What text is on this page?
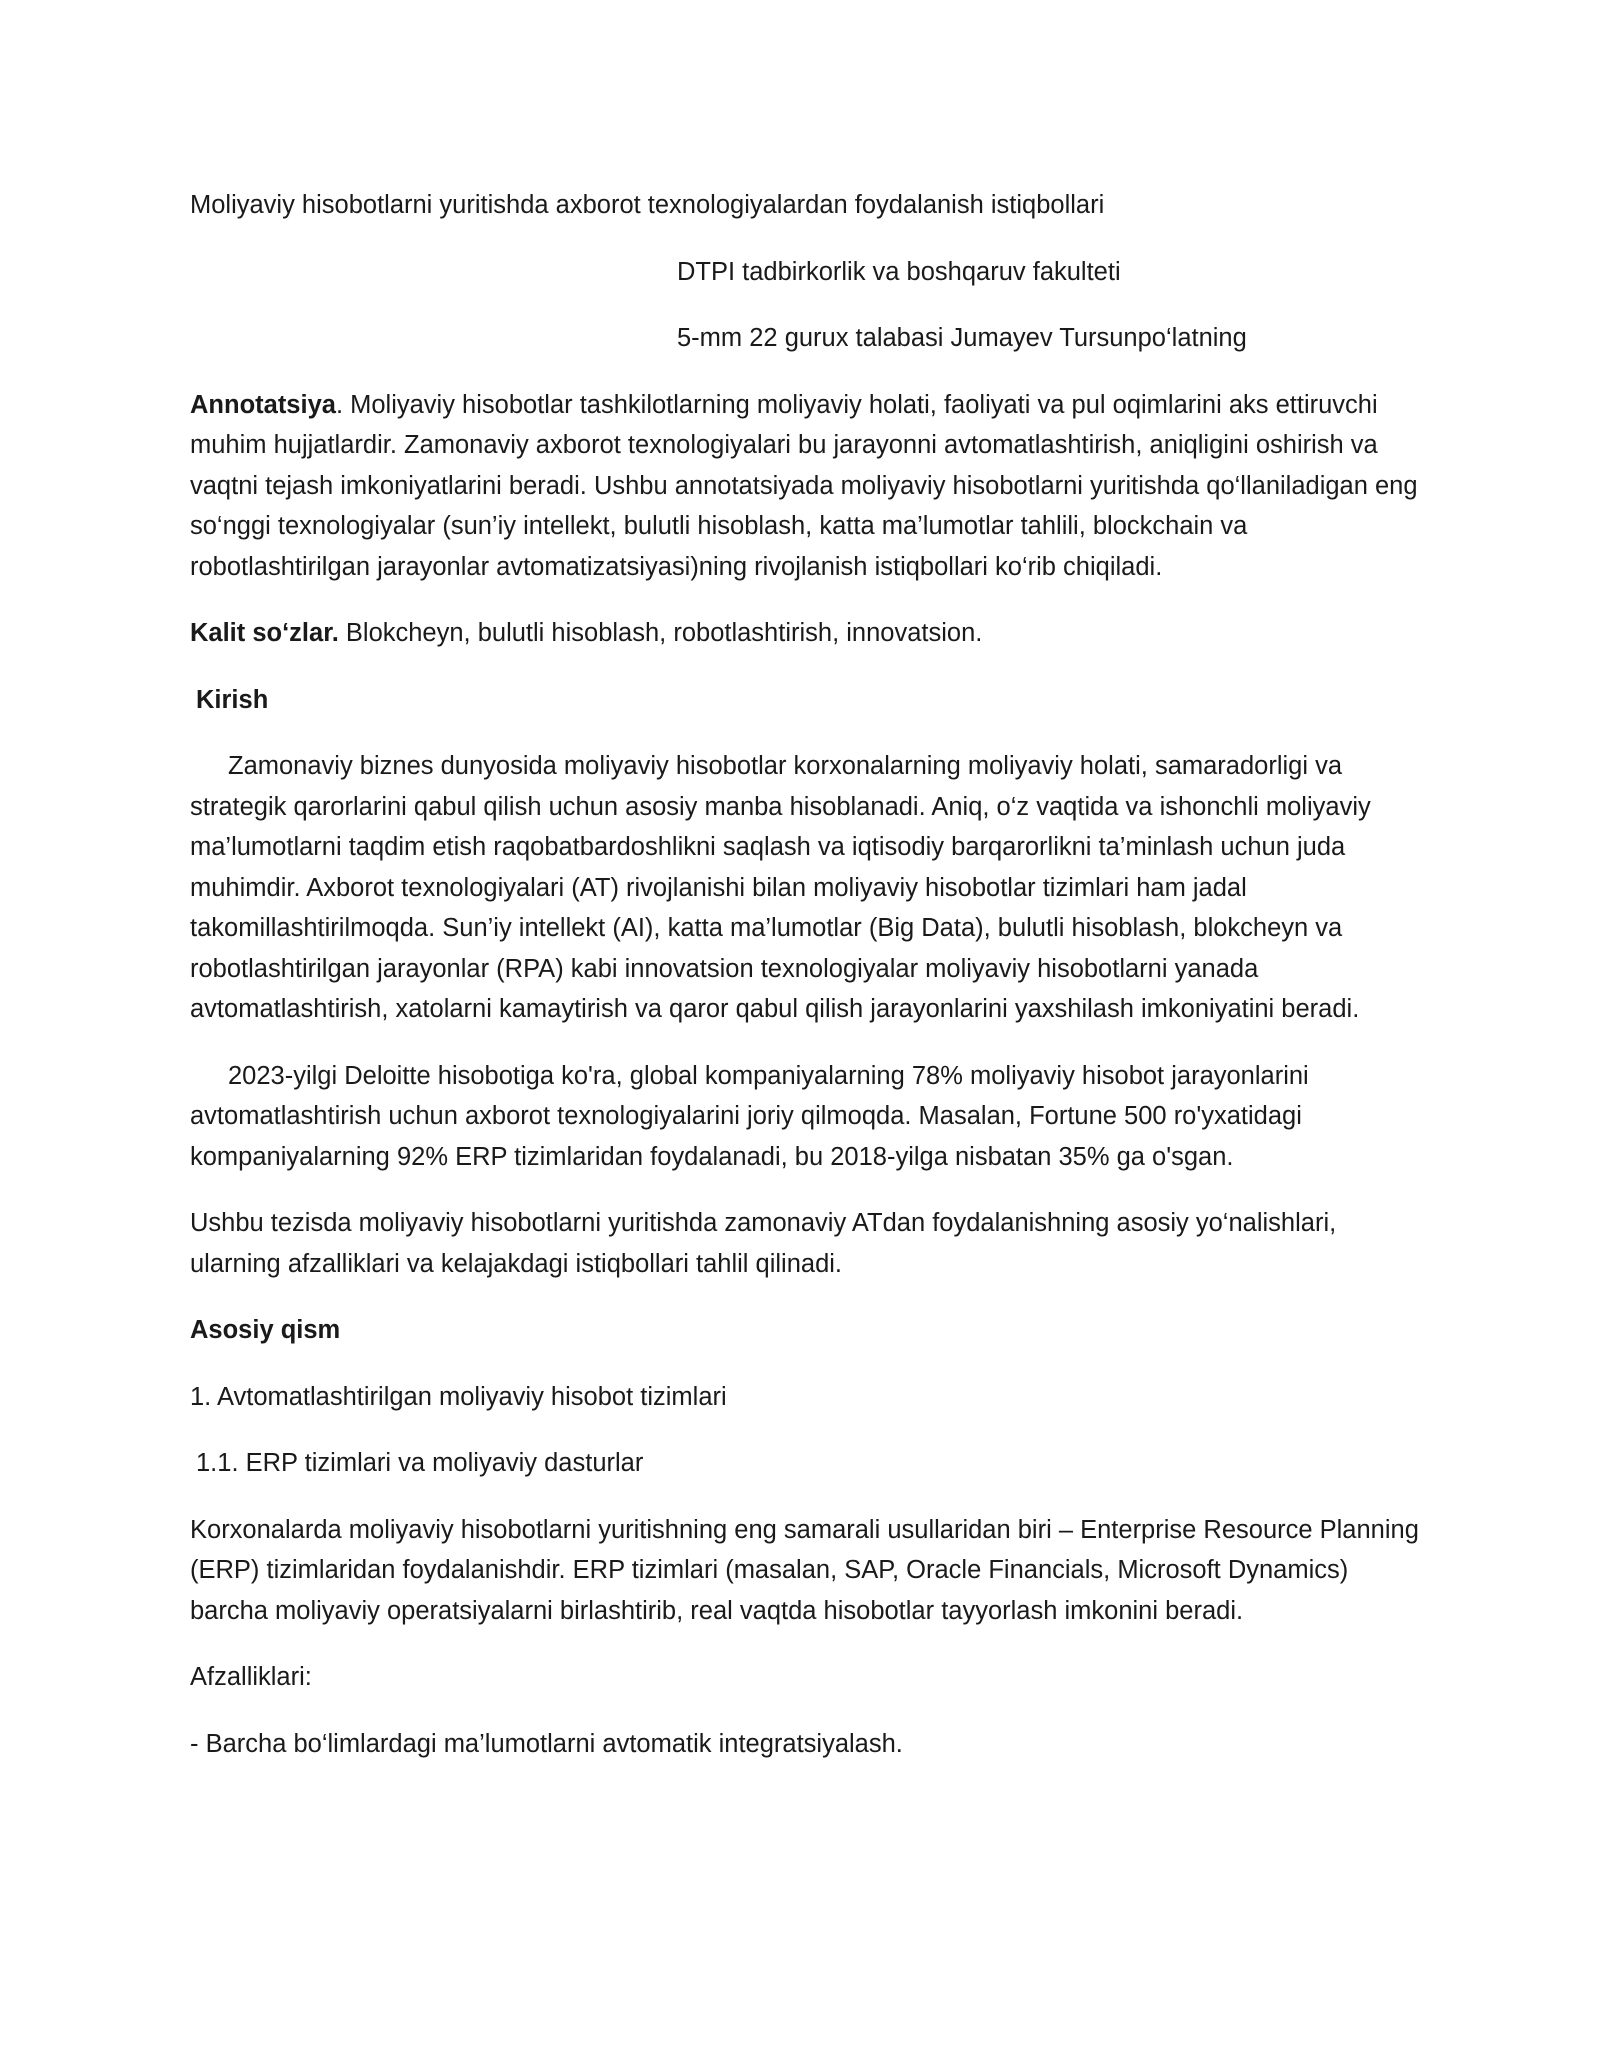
Moliyaviy hisobotlarni yuritishda axborot texnologiyalardan foydalanish istiqbollari

DTPI tadbirkorlik va boshqaruv fakulteti

5-mm 22 gurux talabasi Jumayev Tursunpo‘latning

Annotatsiya. Moliyaviy hisobotlar tashkilotlarning moliyaviy holati, faoliyati va pul oqimlarini aks ettiruvchi muhim hujjatlardir. Zamonaviy axborot texnologiyalari bu jarayonni avtomatlashtirish, aniqligini oshirish va vaqtni tejash imkoniyatlarini beradi. Ushbu annotatsiyada moliyaviy hisobotlarni yuritishda qo‘llaniladigan eng so‘nggi texnologiyalar (sun’iy intellekt, bulutli hisoblash, katta ma’lumotlar tahlili, blockchain va robotlashtirilgan jarayonlar avtomatizatsiyasi)ning rivojlanish istiqbollari ko‘rib chiqiladi.

Kalit so‘zlar. Blokcheyn, bulutli hisoblash, robotlashtirish, innovatsion.

Kirish

Zamonaviy biznes dunyosida moliyaviy hisobotlar korxonalarning moliyaviy holati, samaradorligi va strategik qarorlarini qabul qilish uchun asosiy manba hisoblanadi. Aniq, o‘z vaqtida va ishonchli moliyaviy ma’lumotlarni taqdim etish raqobatbardoshlikni saqlash va iqtisodiy barqarorlikni ta’minlash uchun juda muhimdir. Axborot texnologiyalari (AT) rivojlanishi bilan moliyaviy hisobotlar tizimlari ham jadal takomillashtirilmoqda. Sun’iy intellekt (AI), katta ma’lumotlar (Big Data), bulutli hisoblash, blokcheyn va robotlashtirilgan jarayonlar (RPA) kabi innovatsion texnologiyalar moliyaviy hisobotlarni yanada avtomatlashtirish, xatolarni kamaytirish va qaror qabul qilish jarayonlarini yaxshilash imkoniyatini beradi.

2023-yilgi Deloitte hisobotiga ko'ra, global kompaniyalarning 78% moliyaviy hisobot jarayonlarini avtomatlashtirish uchun axborot texnologiyalarini joriy qilmoqda. Masalan, Fortune 500 ro'yxatidagi kompaniyalarning 92% ERP tizimlaridan foydalanadi, bu 2018-yilga nisbatan 35% ga o'sgan.

Ushbu tezisda moliyaviy hisobotlarni yuritishda zamonaviy ATdan foydalanishning asosiy yo‘nalishlari, ularning afzalliklari va kelajakdagi istiqbollari tahlil qilinadi.

Asosiy qism

1. Avtomatlashtirilgan moliyaviy hisobot tizimlari

1.1. ERP tizimlari va moliyaviy dasturlar

Korxonalarda moliyaviy hisobotlarni yuritishning eng samarali usullaridan biri – Enterprise Resource Planning (ERP) tizimlaridan foydalanishdir. ERP tizimlari (masalan, SAP, Oracle Financials, Microsoft Dynamics) barcha moliyaviy operatsiyalarni birlashtirib, real vaqtda hisobotlar tayyorlash imkonini beradi.

Afzalliklari:

- Barcha bo‘limlardagi ma’lumotlarni avtomatik integratsiyalash.
